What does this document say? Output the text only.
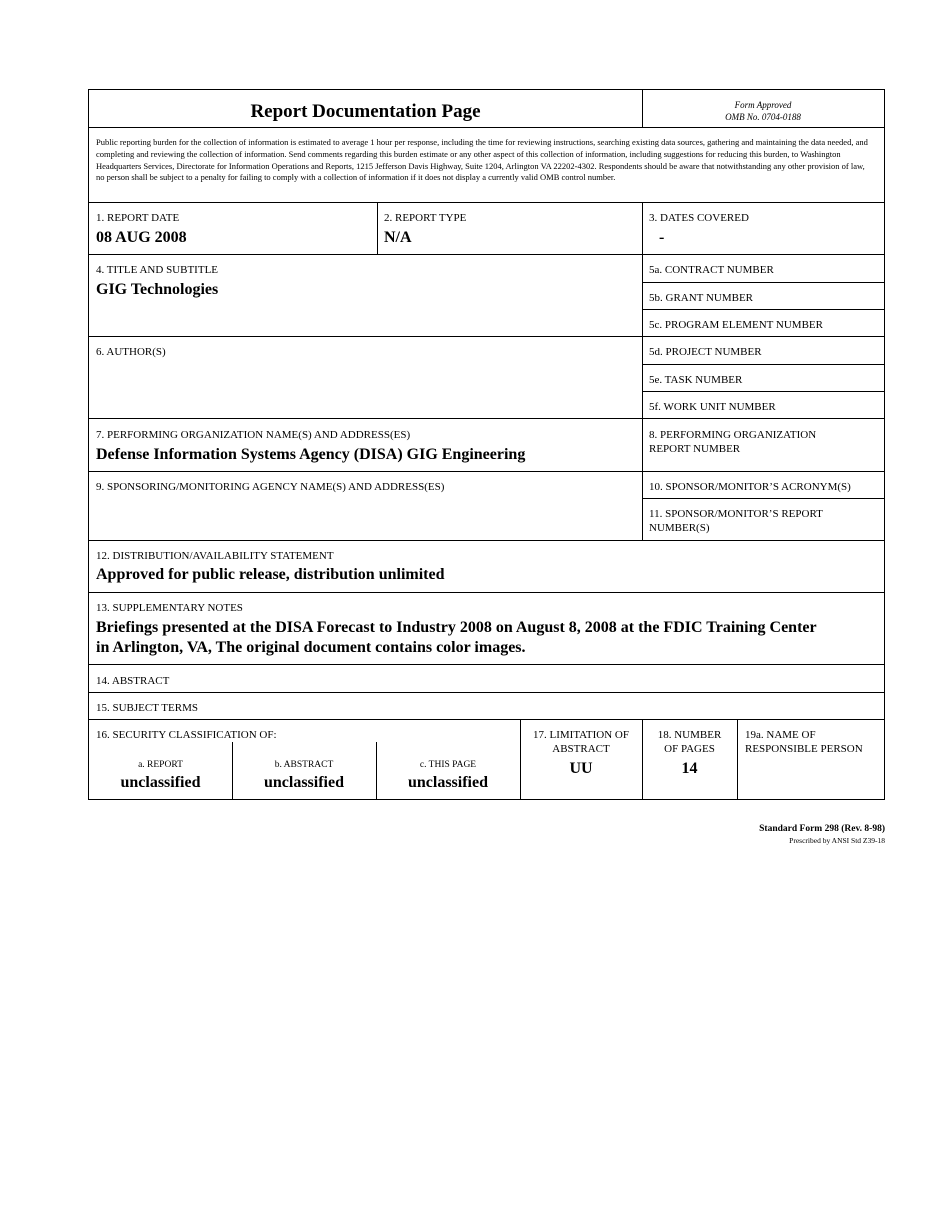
Report Documentation Page	Form Approved
OMB No. 0704-0188
Public reporting burden for the collection of information is estimated to average 1 hour per response, including the time for reviewing instructions, searching existing data sources, gathering and maintaining the data needed, and completing and reviewing the collection of information. Send comments regarding this burden estimate or any other aspect of this collection of information, including suggestions for reducing this burden, to Washington Headquarters Services, Directorate for Information Operations and Reports, 1215 Jefferson Davis Highway, Suite 1204, Arlington VA 22202-4302. Respondents should be aware that notwithstanding any other provision of law, no person shall be subject to a penalty for failing to comply with a collection of information if it does not display a currently valid OMB control number.
1. REPORT DATE
08 AUG 2008
2. REPORT TYPE
N/A
3. DATES COVERED
-
4. TITLE AND SUBTITLE
GIG Technologies
5a. CONTRACT NUMBER
5b. GRANT NUMBER
5c. PROGRAM ELEMENT NUMBER
6. AUTHOR(S)	5d. PROJECT NUMBER
5e. TASK NUMBER
5f. WORK UNIT NUMBER
7. PERFORMING ORGANIZATION NAME(S) AND ADDRESS(ES)
Defense Information Systems Agency (DISA) GIG Engineering
8. PERFORMING ORGANIZATION
REPORT NUMBER
9. SPONSORING/MONITORING AGENCY NAME(S) AND ADDRESS(ES)	10. SPONSOR/MONITOR’S ACRONYM(S)
11. SPONSOR/MONITOR’S REPORT
NUMBER(S)
12. DISTRIBUTION/AVAILABILITY STATEMENT
Approved for public release, distribution unlimited
13. SUPPLEMENTARY NOTES
Briefings presented at the DISA Forecast to Industry 2008 on August 8, 2008 at the FDIC Training Center
in Arlington, VA, The original document contains color images.
14. ABSTRACT
15. SUBJECT TERMS
16. SECURITY CLASSIFICATION OF:
a. REPORT
unclassified
b. ABSTRACT
unclassified
c. THIS PAGE
unclassified
17. LIMITATION OF
ABSTRACT
UU
18. NUMBER
OF PAGES
14
19a. NAME OF
RESPONSIBLE PERSON
Standard Form 298 (Rev. 8-98)
Prescribed by ANSI Std Z39-18
